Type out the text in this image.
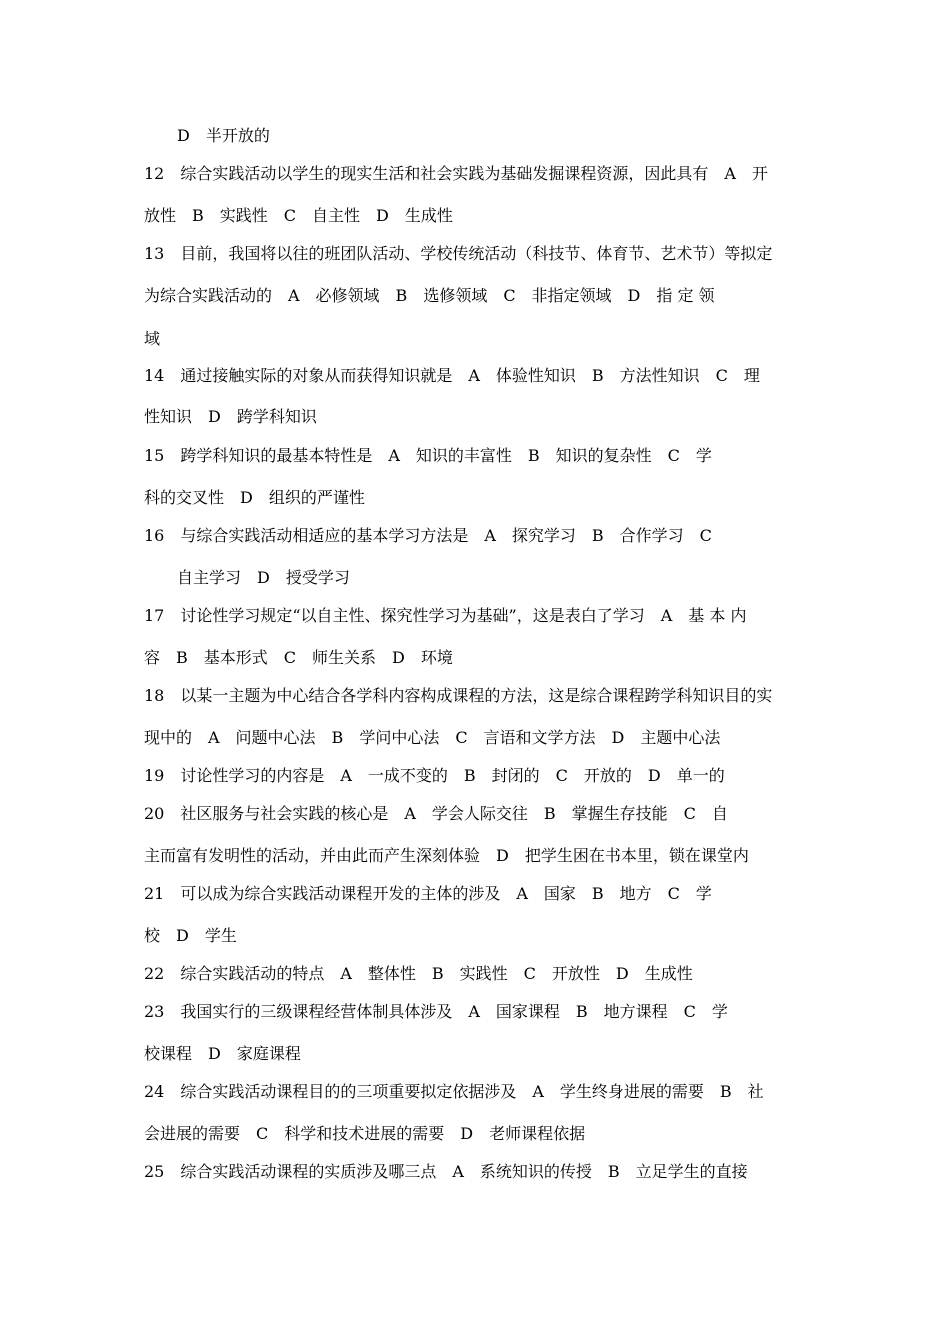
D　半开放的

12　综合实践活动以学生的现实生活和社会实践为基础发掘课程资源，因此具有　A　开

放性　B　实践性　C　自主性　D　生成性

13　目前，我国将以往的班团队活动、学校传统活动（科技节、体育节、艺术节）等拟定

为综合实践活动的　A　必修领域　B　选修领域　C　非指定领域　D　指 定 领

域

14　通过接触实际的对象从而获得知识就是　A　体验性知识　B　方法性知识　C　理

性知识　D　跨学科知识

15　跨学科知识的最基本特性是　A　知识的丰富性　B　知识的复杂性　C　学

科的交叉性　D　组织的严谨性

16　与综合实践活动相适应的基本学习方法是　A　探究学习　B　合作学习　C

自主学习　D　授受学习

17　讨论性学习规定“以自主性、探究性学习为基础”，这是表白了学习　A　基 本 内

容　B　基本形式　C　师生关系　D　环境

18　以某一主题为中心结合各学科内容构成课程的方法，这是综合课程跨学科知识目的实

现中的　A　问题中心法　B　学问中心法　C　言语和文学方法　D　主题中心法

19　讨论性学习的内容是　A　一成不变的　B　封闭的　C　开放的　D　单一的

20　社区服务与社会实践的核心是　A　学会人际交往　B　掌握生存技能　C　自

主而富有发明性的活动，并由此而产生深刻体验　D　把学生困在书本里，锁在课堂内

21　可以成为综合实践活动课程开发的主体的涉及　A　国家　B　地方　C　学

校　D　学生

22　综合实践活动的特点　A　整体性　B　实践性　C　开放性　D　生成性

23　我国实行的三级课程经营体制具体涉及　A　国家课程　B　地方课程　C　学

校课程　D　家庭课程

24　综合实践活动课程目的的三项重要拟定依据涉及　A　学生终身进展的需要　B　社

会进展的需要　C　科学和技术进展的需要　D　老师课程依据

25　综合实践活动课程的实质涉及哪三点　A　系统知识的传授　B　立足学生的直接
